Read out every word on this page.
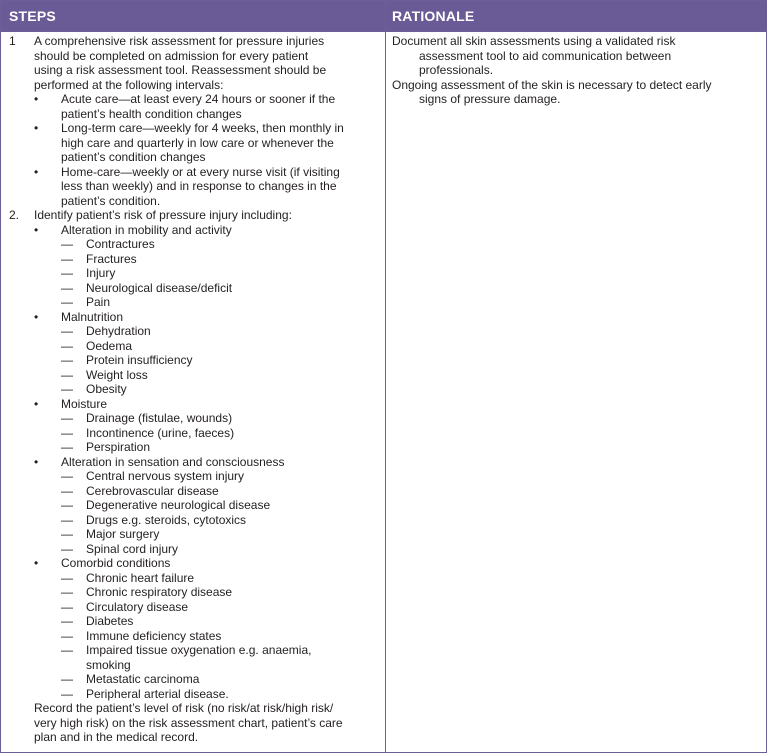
STEPS	RATIONALE
1 A comprehensive risk assessment for pressure injuries
should be completed on admission for every patient
using a risk assessment tool. Reassessment should be
performed at the following intervals:
• Acute care—at least every 24 hours or sooner if the
patient’s health condition changes
• Long-term care—weekly for 4 weeks, then monthly in
high care and quarterly in low care or whenever the
patient’s condition changes
• Home-care—weekly or at every nurse visit (if visiting
less than weekly) and in response to changes in the
patient’s condition.
2. Identify patient’s risk of pressure injury including:
• Alteration in mobility and activity
— Contractures
— Fractures
— Injury
— Neurological disease/deficit
— Pain
• Malnutrition
— Dehydration
— Oedema
— Protein insufficiency
— Weight loss
— Obesity
• Moisture
— Drainage (fistulae, wounds)
— Incontinence (urine, faeces)
— Perspiration
• Alteration in sensation and consciousness
— Central nervous system injury
— Cerebrovascular disease
— Degenerative neurological disease
— Drugs e.g. steroids, cytotoxics
— Major surgery
— Spinal cord injury
• Comorbid conditions
— Chronic heart failure
— Chronic respiratory disease
— Circulatory disease
— Diabetes
— Immune deficiency states
— Impaired tissue oxygenation e.g. anaemia,
smoking
— Metastatic carcinoma
— Peripheral arterial disease.
Record the patient’s level of risk (no risk/at risk/high risk/
very high risk) on the risk assessment chart, patient’s care
plan and in the medical record.
Document all skin assessments using a validated risk
assessment tool to aid communication between
professionals.
Ongoing assessment of the skin is necessary to detect early
signs of pressure damage.
